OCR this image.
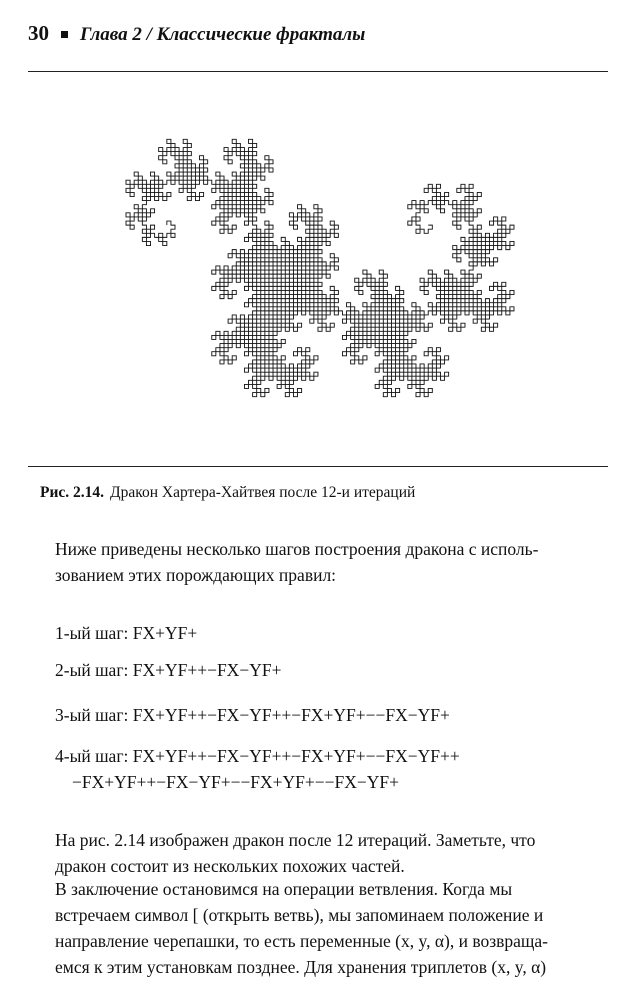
30 Глава 2 / Классические фракталы
Рис. 2.14. Дракон Хартера-Хайтвея после 12-и итераций
Ниже приведены несколько шагов построения дракона с исполь-
зованием этих порождающих правил:
1-ый шаг: FX+YF+
2-ый шаг: FX+YF++−FX−YF+
3-ый шаг: FX+YF++−FX−YF++−FX+YF+−−FX−YF+
4-ый шаг: FX+YF++−FX−YF++−FX+YF+−−FX−YF++
−FX+YF++−FX−YF+−−FX+YF+−−FX−YF+
На рис. 2.14 изображен дракон после 12 итераций. Заметьте, что
дракон состоит из нескольких похожих частей.
В заключение остановимся на операции ветвления. Когда мы
встречаем символ [ (открыть ветвь), мы запоминаем положение и
направление черепашки, то есть переменные (x, y, α), и возвраща-
емся к этим установкам позднее. Для хранения триплетов (x, y, α)
